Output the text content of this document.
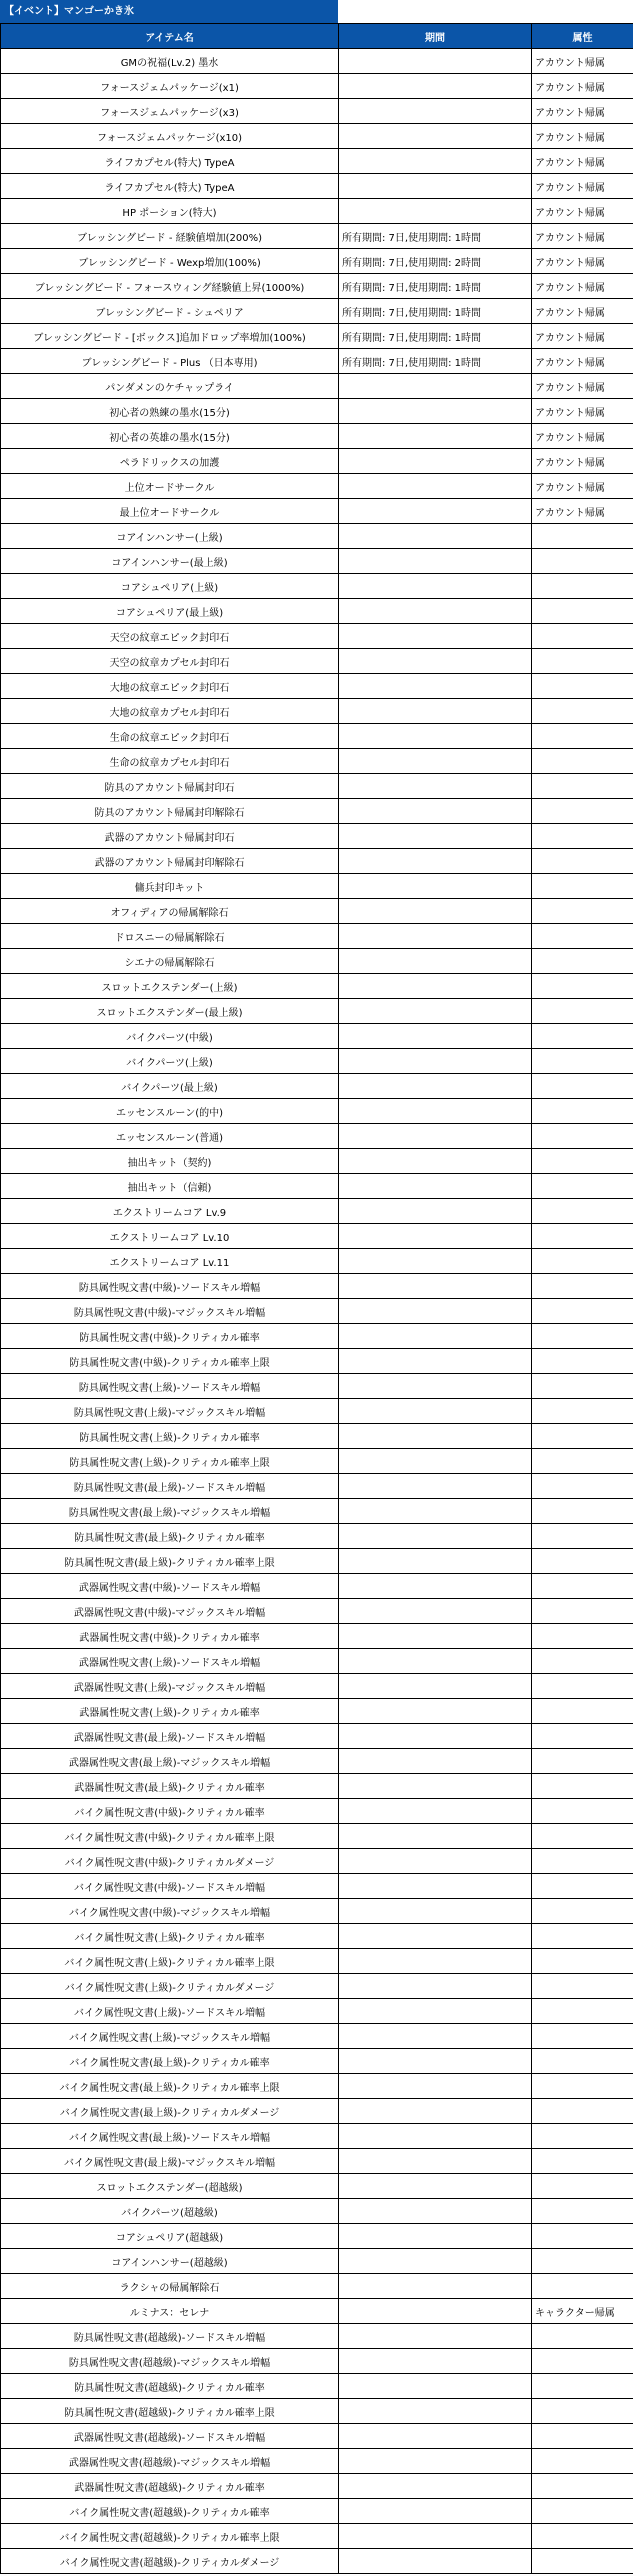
【イベント】マンゴーかき氷
アイテム名	期間	属性
GMの祝福(Lv.2) 墨水		アカウント帰属
フォースジェムパッケージ(x1)		アカウント帰属
フォースジェムパッケージ(x3)		アカウント帰属
フォースジェムパッケージ(x10)		アカウント帰属
ライフカプセル(特大) TypeA		アカウント帰属
ライフカプセル(特大) TypeA		アカウント帰属
HP ポーション(特大)		アカウント帰属
ブレッシングビード - 経験値増加(200%)	所有期間: 7日,使用期間: 1時間	アカウント帰属
ブレッシングビード - Wexp増加(100%)	所有期間: 7日,使用期間: 2時間	アカウント帰属
ブレッシングビード - フォースウィング経験値上昇(1000%)	所有期間: 7日,使用期間: 1時間	アカウント帰属
ブレッシングビード - シュペリア	所有期間: 7日,使用期間: 1時間	アカウント帰属
ブレッシングビード - [ボックス]追加ドロップ率増加(100%)	所有期間: 7日,使用期間: 1時間	アカウント帰属
ブレッシングビード - Plus （日本専用)	所有期間: 7日,使用期間: 1時間	アカウント帰属
パンダメンのケチャップライ		アカウント帰属
初心者の熟練の墨水(15分)		アカウント帰属
初心者の英雄の墨水(15分)		アカウント帰属
ペラドリックスの加護		アカウント帰属
上位オードサークル		アカウント帰属
最上位オードサークル		アカウント帰属
コアインハンサー(上級)		
コアインハンサー(最上級)		
コアシュペリア(上級)		
コアシュペリア(最上級)		
天空の紋章エピック封印石		
天空の紋章カプセル封印石		
大地の紋章エピック封印石		
大地の紋章カプセル封印石		
生命の紋章エピック封印石		
生命の紋章カプセル封印石		
防具のアカウント帰属封印石		
防具のアカウント帰属封印解除石		
武器のアカウント帰属封印石		
武器のアカウント帰属封印解除石		
傭兵封印キット		
オフィディアの帰属解除石		
ドロスニーの帰属解除石		
シエナの帰属解除石		
スロットエクステンダー(上級)		
スロットエクステンダー(最上級)		
バイクパーツ(中級)		
バイクパーツ(上級)		
バイクパーツ(最上級)		
エッセンスルーン(的中)		
エッセンスルーン(普通)		
抽出キット（契約)		
抽出キット（信頼)		
エクストリームコア Lv.9		
エクストリームコア Lv.10		
エクストリームコア Lv.11		
防具属性呪文書(中級)-ソードスキル増幅		
防具属性呪文書(中級)-マジックスキル増幅		
防具属性呪文書(中級)-クリティカル確率		
防具属性呪文書(中級)-クリティカル確率上限		
防具属性呪文書(上級)-ソードスキル増幅		
防具属性呪文書(上級)-マジックスキル増幅		
防具属性呪文書(上級)-クリティカル確率		
防具属性呪文書(上級)-クリティカル確率上限		
防具属性呪文書(最上級)-ソードスキル増幅		
防具属性呪文書(最上級)-マジックスキル増幅		
防具属性呪文書(最上級)-クリティカル確率		
防具属性呪文書(最上級)-クリティカル確率上限		
武器属性呪文書(中級)-ソードスキル増幅		
武器属性呪文書(中級)-マジックスキル増幅		
武器属性呪文書(中級)-クリティカル確率		
武器属性呪文書(上級)-ソードスキル増幅		
武器属性呪文書(上級)-マジックスキル増幅		
武器属性呪文書(上級)-クリティカル確率		
武器属性呪文書(最上級)-ソードスキル増幅		
武器属性呪文書(最上級)-マジックスキル増幅		
武器属性呪文書(最上級)-クリティカル確率		
バイク属性呪文書(中級)-クリティカル確率		
バイク属性呪文書(中級)-クリティカル確率上限		
バイク属性呪文書(中級)-クリティカルダメージ		
バイク属性呪文書(中級)-ソードスキル増幅		
バイク属性呪文書(中級)-マジックスキル増幅		
バイク属性呪文書(上級)-クリティカル確率		
バイク属性呪文書(上級)-クリティカル確率上限		
バイク属性呪文書(上級)-クリティカルダメージ		
バイク属性呪文書(上級)-ソードスキル増幅		
バイク属性呪文書(上級)-マジックスキル増幅		
バイク属性呪文書(最上級)-クリティカル確率		
バイク属性呪文書(最上級)-クリティカル確率上限		
バイク属性呪文書(最上級)-クリティカルダメージ		
バイク属性呪文書(最上級)-ソードスキル増幅		
バイク属性呪文書(最上級)-マジックスキル増幅		
スロットエクステンダー(超越級)		
バイクパーツ(超越級)		
コアシュペリア(超越級)		
コアインハンサー(超越級)		
ラクシャの帰属解除石		
ルミナス：セレナ		キャラクター帰属
防具属性呪文書(超越級)-ソードスキル増幅		
防具属性呪文書(超越級)-マジックスキル増幅		
防具属性呪文書(超越級)-クリティカル確率		
防具属性呪文書(超越級)-クリティカル確率上限		
武器属性呪文書(超越級)-ソードスキル増幅		
武器属性呪文書(超越級)-マジックスキル増幅		
武器属性呪文書(超越級)-クリティカル確率		
バイク属性呪文書(超越級)-クリティカル確率		
バイク属性呪文書(超越級)-クリティカル確率上限		
バイク属性呪文書(超越級)-クリティカルダメージ		
